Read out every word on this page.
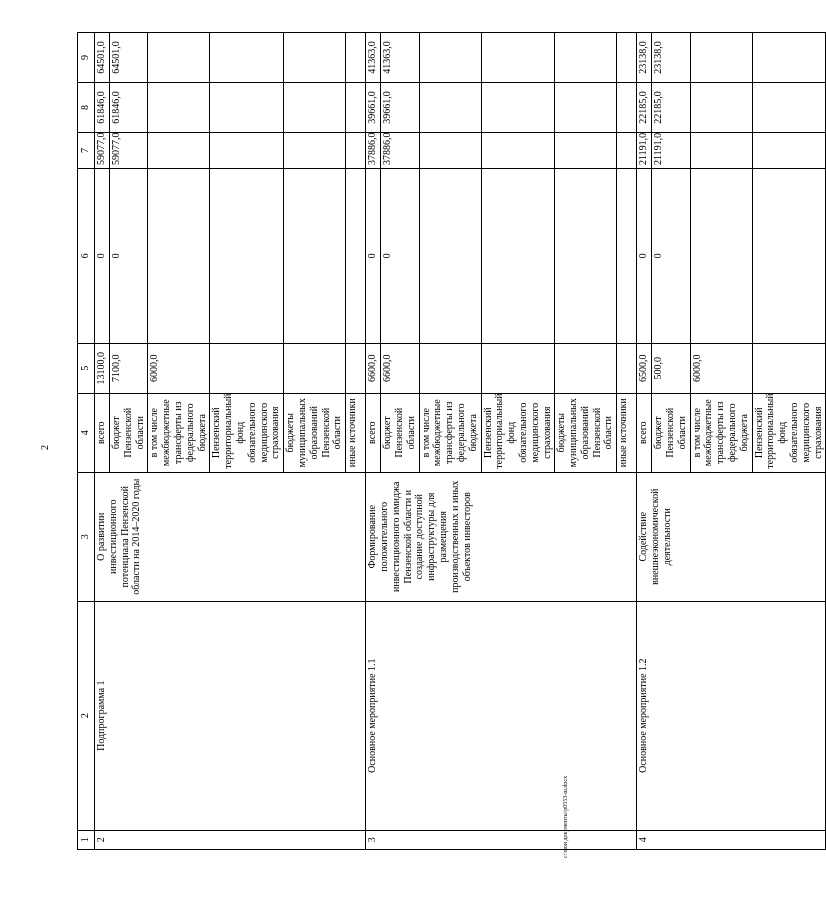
2
1	2	3	4	5	6	7	8	9
2	Подпрограмма 1	О развитии инвестиционного потенциала Пензенской области на 2014–2020 годы	всего	13100,0	0	59077,0	61846,0	64501,0
			бюджет Пензенской области	7100,0	0	59077,0	61846,0	64501,0
			в том числе межбюджетные трансферты из федерального бюджета	6000,0				
			Пензенский территориальный фонд обязательного медицинского страхования					
			бюджеты муниципальных образований Пензенской области					
			иные источники					
3	Основное мероприятие 1.1	Формирование положительного инвестиционного имиджа Пензенской области и создание доступной инфраструктуры для размещения производственных и иных объектов инвесторов	всего	6600,0	0	37886,0	39661,0	41363,0
			бюджет Пензенской области	6600,0	0	37886,0	39661,0	41363,0
			в том числе межбюджетные трансферты из федерального бюджета					
			Пензенский территориальный фонд обязательного медицинского страхования					
			бюджеты муниципальных образований Пензенской области					
			иные источники					
4	Основное мероприятие 1.2	Содействие внешнеэкономической деятельности	всего	6500,0	0	21191,0	22185,0	23138,0
			бюджет Пензенской области	500,0	0	21191,0	22185,0	23138,0
			в том числе межбюджетные трансферты из федерального бюджета	6000,0				
			Пензенский территориальный фонд обязательного медицинского страхования					
c:\мои документы\p0553-ш.docx
